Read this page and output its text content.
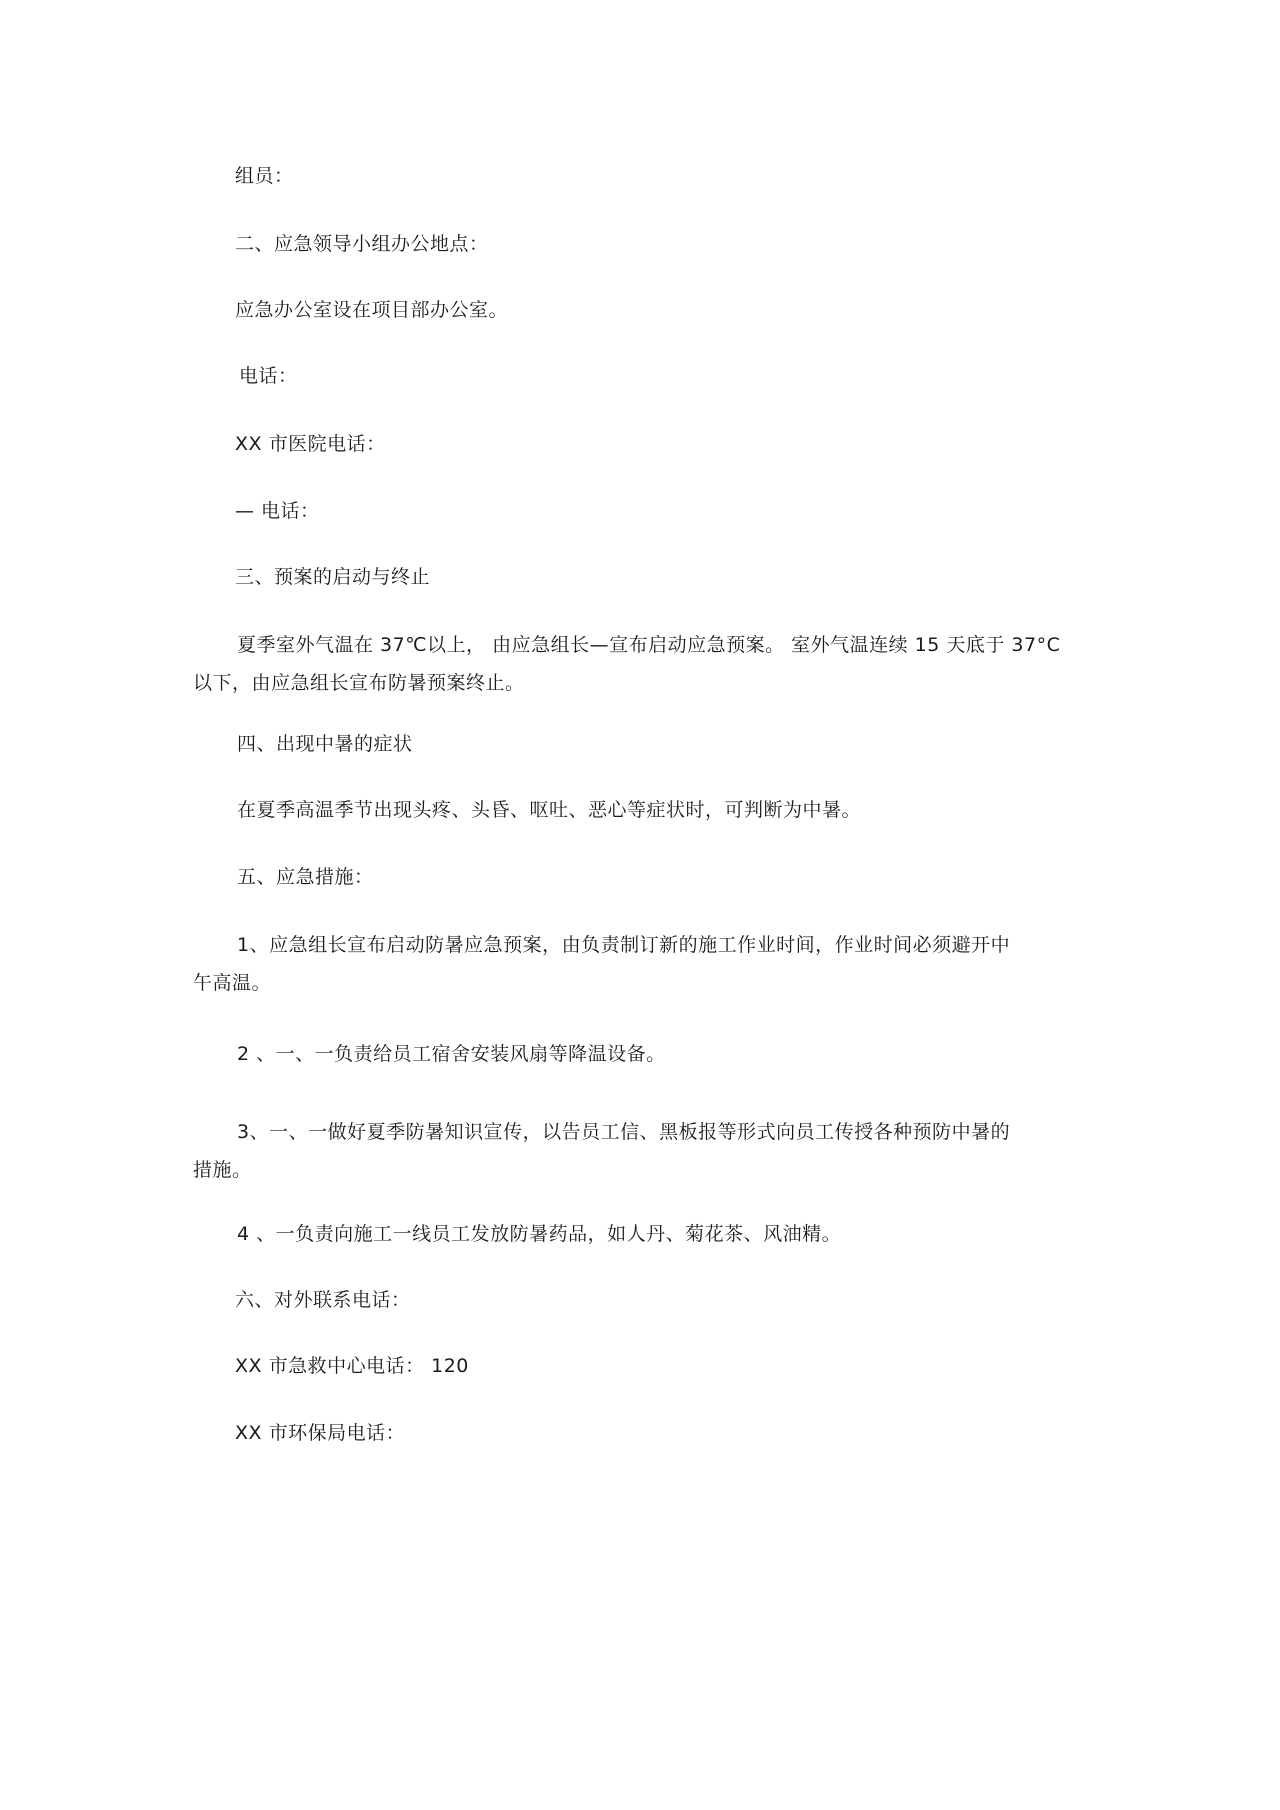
组员：
二、应急领导小组办公地点：
应急办公室设在项目部办公室。
电话：
XX 市医院电话：
— 电话：
三、预案的启动与终止
夏季室外气温在 37℃以上， 由应急组长—宣布启动应急预案。 室外气温连续 15 天底于 37°C
以下，由应急组长宣布防暑预案终止。
四、出现中暑的症状
在夏季高温季节出现头疼、头昏、呕吐、恶心等症状时，可判断为中暑。
五、应急措施：
1、应急组长宣布启动防暑应急预案，由负责制订新的施工作业时间，作业时间必须避开中
午高温。
2 、一、一负责给员工宿舍安装风扇等降温设备。
3、一、一做好夏季防暑知识宣传，以告员工信、黑板报等形式向员工传授各种预防中暑的
措施。
4 、一负责向施工一线员工发放防暑药品，如人丹、菊花茶、风油精。
六、对外联系电话：
XX 市急救中心电话： 120
XX 市环保局电话：
